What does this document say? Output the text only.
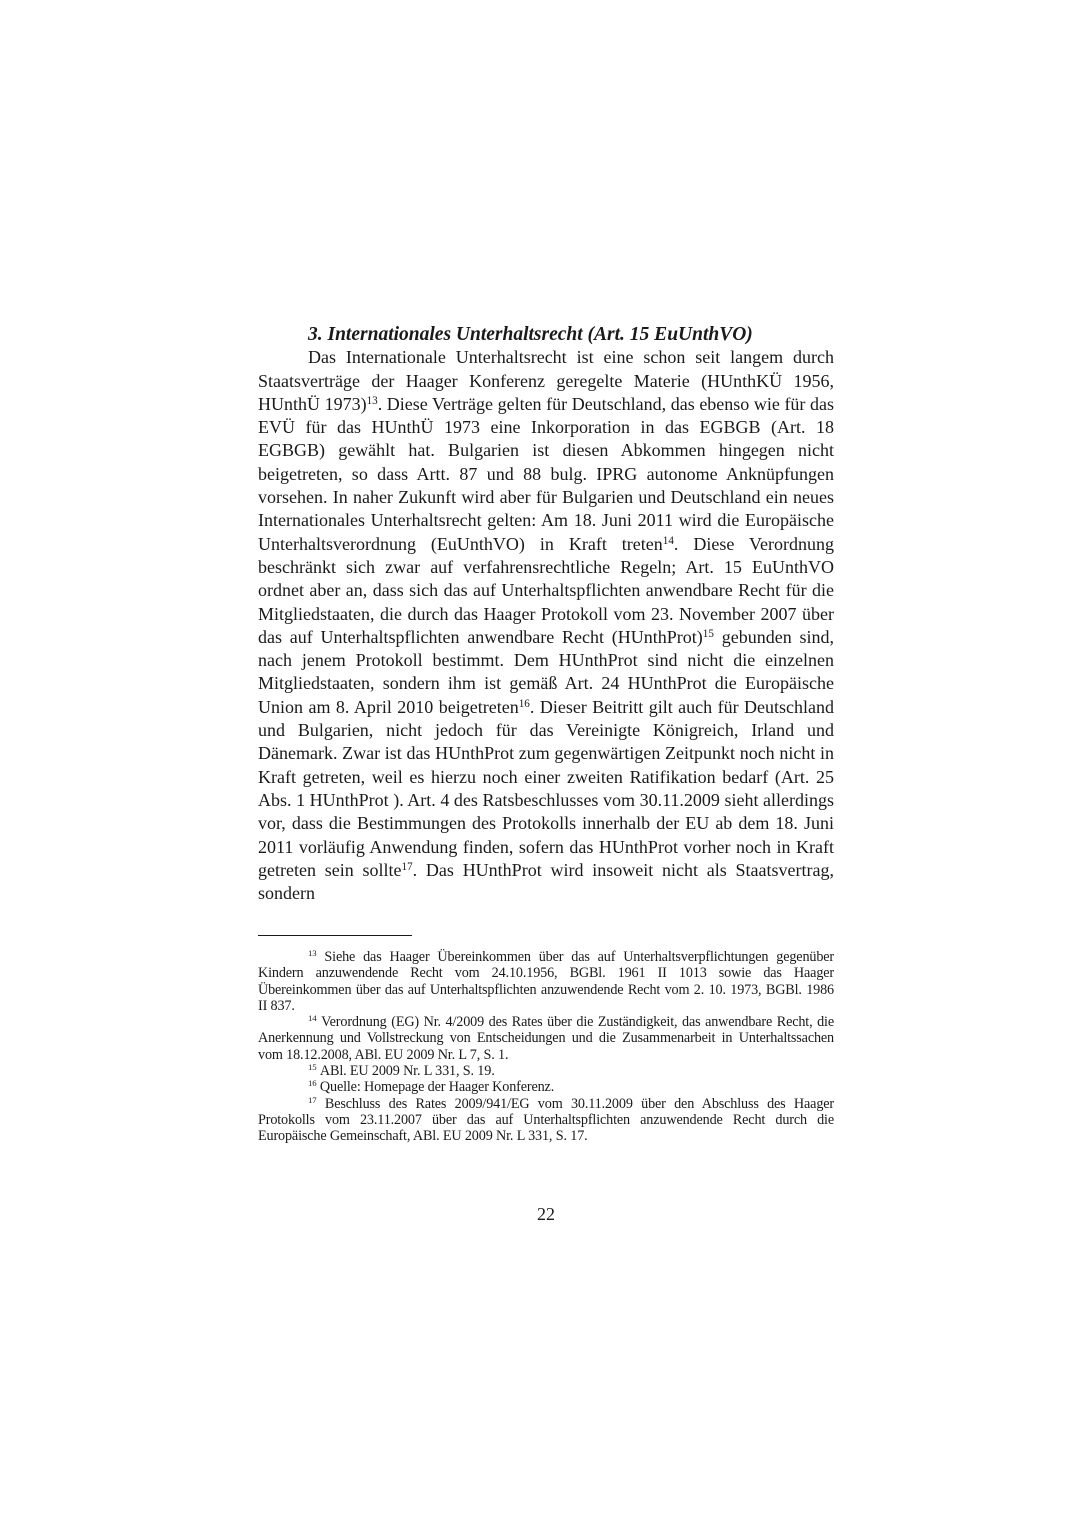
3. Internationales Unterhaltsrecht (Art. 15 EuUnthVO)

Das Internationale Unterhaltsrecht ist eine schon seit langem durch Staatsverträge der Haager Konferenz geregelte Materie (HUnthKÜ 1956, HUnthÜ 1973)$^{13}$. Diese Verträge gelten für Deutschland, das ebenso wie für das EVÜ für das HUnthÜ 1973 eine Inkorporation in das EGBGB (Art. 18 EGBGB) gewählt hat. Bulgarien ist diesen Abkommen hingegen nicht beigetreten, so dass Artt. 87 und 88 bulg. IPRG autonome Anknüpfungen vorsehen. In naher Zukunft wird aber für Bulgarien und Deutschland ein neues Internationales Unterhaltsrecht gelten: Am 18. Juni 2011 wird die Europäische Unterhaltsverordnung (EuUnthVO) in Kraft treten$^{14}$. Diese Verordnung beschränkt sich zwar auf verfahrensrechtliche Regeln; Art. 15 EuUnthVO ordnet aber an, dass sich das auf Unterhaltspflichten anwendbare Recht für die Mitgliedstaaten, die durch das Haager Protokoll vom 23. November 2007 über das auf Unterhaltspflichten anwendbare Recht (HUnthProt)$^{15}$ gebunden sind, nach jenem Protokoll bestimmt. Dem HUnthProt sind nicht die einzelnen Mitgliedstaaten, sondern ihm ist gemäß Art. 24 HUnthProt die Europäische Union am 8. April 2010 beigetreten$^{16}$. Dieser Beitritt gilt auch für Deutschland und Bulgarien, nicht jedoch für das Vereinigte Königreich, Irland und Dänemark. Zwar ist das HUnthProt zum gegenwärtigen Zeitpunkt noch nicht in Kraft getreten, weil es hierzu noch einer zweiten Ratifikation bedarf (Art. 25 Abs. 1 HUnthProt ). Art. 4 des Ratsbeschlusses vom 30.11.2009 sieht allerdings vor, dass die Bestimmungen des Protokolls innerhalb der EU ab dem 18. Juni 2011 vorläufig Anwendung finden, sofern das HUnthProt vorher noch in Kraft getreten sein sollte$^{17}$. Das HUnthProt wird insoweit nicht als Staatsvertrag, sondern

$^{13}$ Siehe das Haager Übereinkommen über das auf Unterhaltsverpflichtungen gegenüber Kindern anzuwendende Recht vom 24.10.1956, BGBl. 1961 II 1013 sowie das Haager Übereinkommen über das auf Unterhaltspflichten anzuwendende Recht vom 2. 10. 1973, BGBl. 1986 II 837.

$^{14}$ Verordnung (EG) Nr. 4/2009 des Rates über die Zuständigkeit, das anwendbare Recht, die Anerkennung und Vollstreckung von Entscheidungen und die Zusammenarbeit in Unterhaltssachen vom 18.12.2008, ABl. EU 2009 Nr. L 7, S. 1.

$^{15}$ ABl. EU 2009 Nr. L 331, S. 19.

$^{16}$ Quelle: Homepage der Haager Konferenz.

$^{17}$ Beschluss des Rates 2009/941/EG vom 30.11.2009 über den Abschluss des Haager Protokolls vom 23.11.2007 über das auf Unterhaltspflichten anzuwendende Recht durch die Europäische Gemeinschaft, ABl. EU 2009 Nr. L 331, S. 17.

22
